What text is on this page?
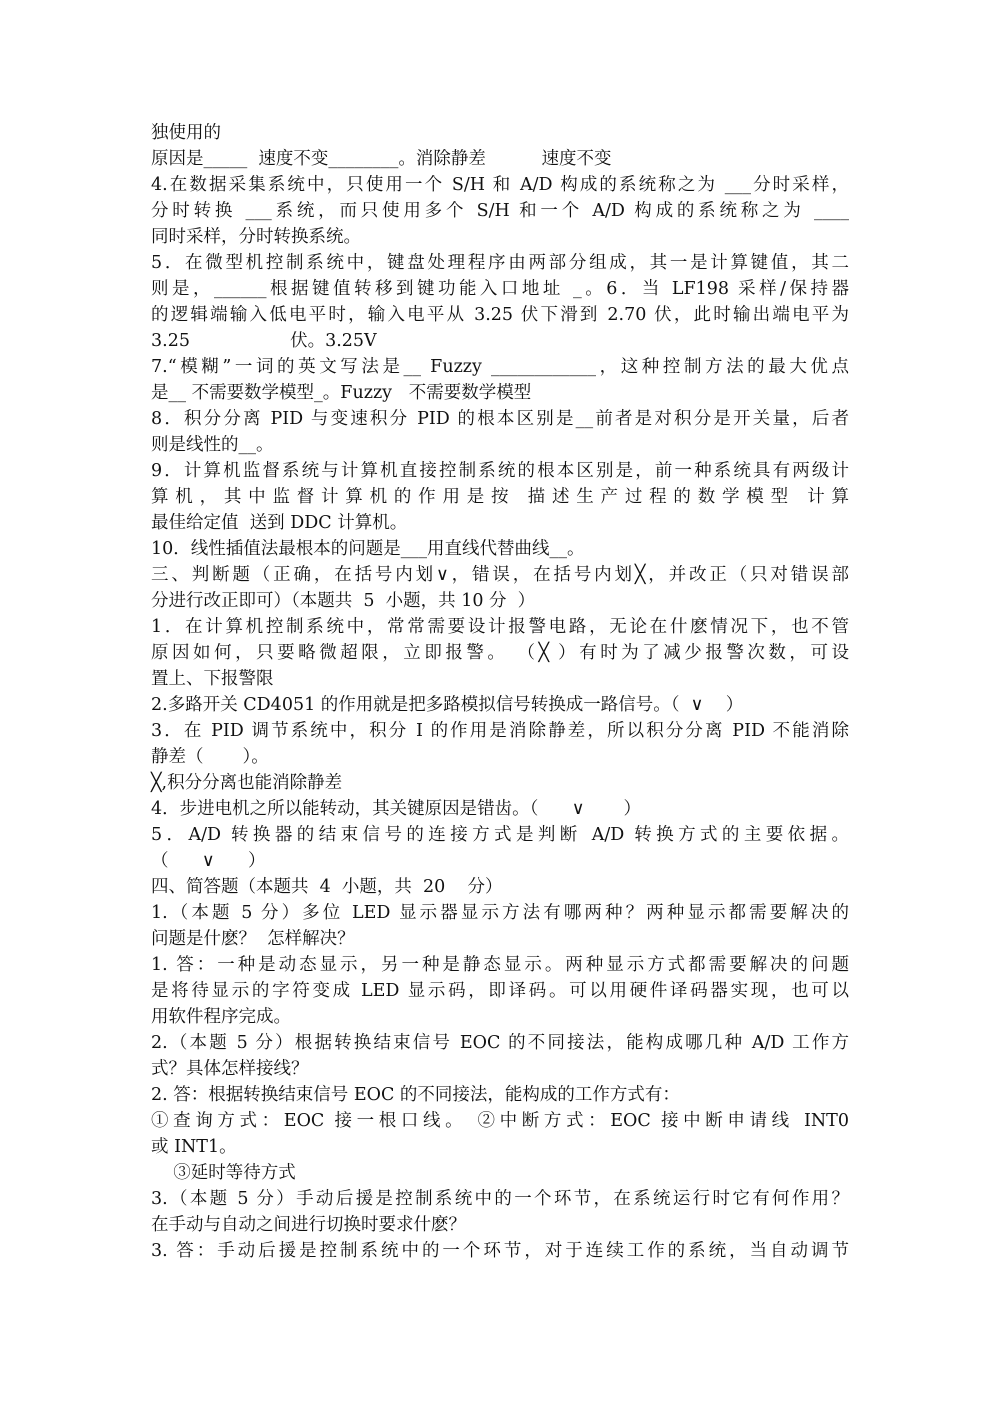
独使用的
原因是_____  速度不变________。消除静差          速度不变
4.在数据采集系统中，只使用一个 S/H 和 A/D 构成的系统称之为 ___分时采样，
分时转换 ___系统，而只使用多个 S/H 和一个 A/D 构成的系统称之为 ____
同时采样，分时转换系统。
5．在微型机控制系统中，键盘处理程序由两部分组成，其一是计算键值，其二
则是，______根据键值转移到键功能入口地址 _。6．当 LF198 采样/保持器
的逻辑端输入低电平时，输入电平从 3.25 伏下滑到 2.70 伏，此时输出端电平为
3.25                  伏。3.25V
7.“模糊”一词的英文写法是__ Fuzzy ____________，这种控制方法的最大优点
是__ 不需要数学模型_。Fuzzy   不需要数学模型
8．积分分离 PID 与变速积分 PID 的根本区别是__前者是对积分是开关量，后者
则是线性的__。
9．计算机监督系统与计算机直接控制系统的根本区别是，前一种系统具有两级计
算机，其中监督计算机的作用是按 描述生产过程的数学模型 计算
最佳给定值  送到 DDC 计算机。
10．线性插值法最根本的问题是___用直线代替曲线__。
三、判断题（正确，在括号内划∨，错误，在括号内划╳，并改正（只对错误部
分进行改正即可）（本题共  5  小题，共 10 分  ）
1．在计算机控制系统中，常常需要设计报警电路，无论在什麽情况下，也不管
原因如何，只要略微超限，立即报警。 （╳ ）有时为了减少报警次数，可设
置上、下报警限
2.多路开关 CD4051 的作用就是把多路模拟信号转换成一路信号。（  ∨    ）
3．在 PID 调节系统中，积分 I 的作用是消除静差，所以积分分离 PID 不能消除
静差（       ）。
╳,积分分离也能消除静差
4．步进电机之所以能转动，其关键原因是错齿。（      ∨       ）
5．A/D 转换器的结束信号的连接方式是判断 A/D 转换方式的主要依据。
（      ∨      ）
四、简答题（本题共  4  小题，共  20    分）
1.（本题 5 分）多位 LED 显示器显示方法有哪两种？两种显示都需要解决的
问题是什麽？  怎样解决？
1. 答：一种是动态显示，另一种是静态显示。两种显示方式都需要解决的问题
是将待显示的字符变成 LED 显示码，即译码。可以用硬件译码器实现，也可以
用软件程序完成。
2.（本题 5 分）根据转换结束信号 EOC 的不同接法，能构成哪几种 A/D 工作方
式？具体怎样接线？
2. 答：根据转换结束信号 EOC 的不同接法，能构成的工作方式有：
①查询方式：EOC 接一根口线。 ②中断方式：EOC 接中断申请线 INT0
或 INT1。
③延时等待方式
3.（本题 5 分）手动后援是控制系统中的一个环节，在系统运行时它有何作用？
在手动与自动之间进行切换时要求什麽？
3. 答：手动后援是控制系统中的一个环节，对于连续工作的系统，当自动调节
